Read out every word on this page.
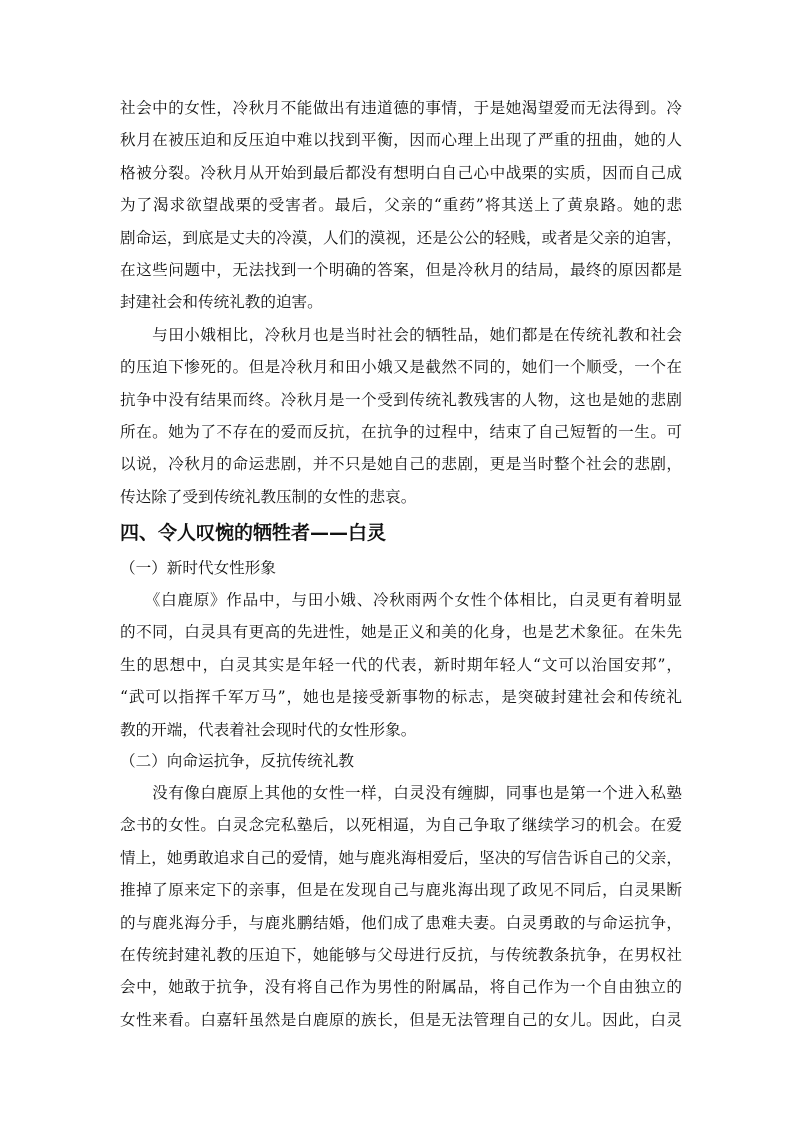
社会中的女性，冷秋月不能做出有违道德的事情，于是她渴望爱而无法得到。冷
秋月在被压迫和反压迫中难以找到平衡，因而心理上出现了严重的扭曲，她的人
格被分裂。冷秋月从开始到最后都没有想明白自己心中战栗的实质，因而自己成
为了渴求欲望战栗的受害者。最后，父亲的“重药”将其送上了黄泉路。她的悲
剧命运，到底是丈夫的冷漠，人们的漠视，还是公公的轻贱，或者是父亲的迫害，
在这些问题中，无法找到一个明确的答案，但是冷秋月的结局，最终的原因都是
封建社会和传统礼教的迫害。
　　与田小娥相比，冷秋月也是当时社会的牺牲品，她们都是在传统礼教和社会
的压迫下惨死的。但是冷秋月和田小娥又是截然不同的，她们一个顺受，一个在
抗争中没有结果而终。冷秋月是一个受到传统礼教残害的人物，这也是她的悲剧
所在。她为了不存在的爱而反抗，在抗争的过程中，结束了自己短暂的一生。可
以说，冷秋月的命运悲剧，并不只是她自己的悲剧，更是当时整个社会的悲剧，
传达除了受到传统礼教压制的女性的悲哀。
四、令人叹惋的牺牲者——白灵
（一）新时代女性形象
　　《白鹿原》作品中，与田小娥、冷秋雨两个女性个体相比，白灵更有着明显
的不同，白灵具有更高的先进性，她是正义和美的化身，也是艺术象征。在朱先
生的思想中，白灵其实是年轻一代的代表，新时期年轻人“文可以治国安邦”，
“武可以指挥千军万马”，她也是接受新事物的标志，是突破封建社会和传统礼
教的开端，代表着社会现时代的女性形象。
（二）向命运抗争，反抗传统礼教
　　没有像白鹿原上其他的女性一样，白灵没有缠脚，同事也是第一个进入私塾
念书的女性。白灵念完私塾后，以死相逼，为自己争取了继续学习的机会。在爱
情上，她勇敢追求自己的爱情，她与鹿兆海相爱后，坚决的写信告诉自己的父亲，
推掉了原来定下的亲事，但是在发现自己与鹿兆海出现了政见不同后，白灵果断
的与鹿兆海分手，与鹿兆鹏结婚，他们成了患难夫妻。白灵勇敢的与命运抗争，
在传统封建礼教的压迫下，她能够与父母进行反抗，与传统教条抗争，在男权社
会中，她敢于抗争，没有将自己作为男性的附属品，将自己作为一个自由独立的
女性来看。白嘉轩虽然是白鹿原的族长，但是无法管理自己的女儿。因此，白灵
